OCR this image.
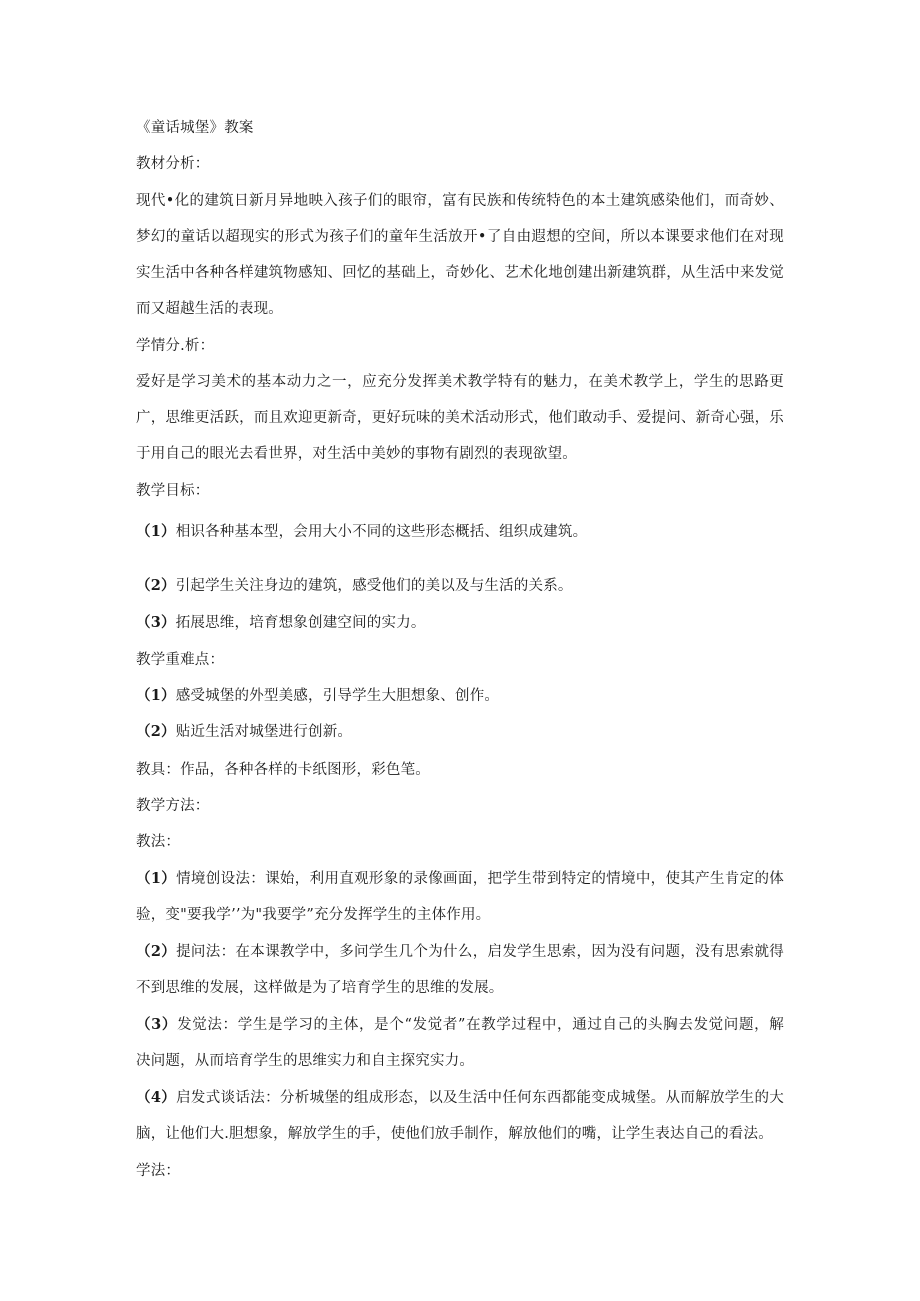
《童话城堡》教案
教材分析：
现代•化的建筑日新月异地映入孩子们的眼帘，富有民族和传统特色的本土建筑感染他们，而奇妙、
梦幻的童话以超现实的形式为孩子们的童年生活放开•了自由遐想的空间，所以本课要求他们在对现
实生活中各种各样建筑物感知、回忆的基础上，奇妙化、艺术化地创建出新建筑群，从生活中来发觉
而又超越生活的表现。
学情分.析：
爱好是学习美术的基本动力之一，应充分发挥美术教学特有的魅力，在美术教学上，学生的思路更
广，思维更活跃，而且欢迎更新奇，更好玩味的美术活动形式，他们敢动手、爱提问、新奇心强，乐
于用自己的眼光去看世界，对生活中美妙的事物有剧烈的表现欲望。
教学目标：
（1）相识各种基本型，会用大小不同的这些形态概括、组织成建筑。
（2）引起学生关注身边的建筑，感受他们的美以及与生活的关系。
（3）拓展思维，培育想象创建空间的实力。
教学重难点：
（1）感受城堡的外型美感，引导学生大胆想象、创作。
（2）贴近生活对城堡进行创新。
教具：作品，各种各样的卡纸图形，彩色笔。
教学方法：
教法：
（1）情境创设法：课始，利用直观形象的录像画面，把学生带到特定的情境中，使其产生肯定的体
验，变"要我学’’为"我要学”充分发挥学生的主体作用。
（2）提问法：在本课教学中，多问学生几个为什么，启发学生思索，因为没有问题，没有思索就得
不到思维的发展，这样做是为了培育学生的思维的发展。
（3）发觉法：学生是学习的主体，是个“发觉者”在教学过程中，通过自己的头胸去发觉问题，解
决问题，从而培育学生的思维实力和自主探究实力。
（4）启发式谈话法：分析城堡的组成形态，以及生活中任何东西都能变成城堡。从而解放学生的大
脑，让他们大.胆想象，解放学生的手，使他们放手制作，解放他们的嘴，让学生表达自己的看法。
学法：
